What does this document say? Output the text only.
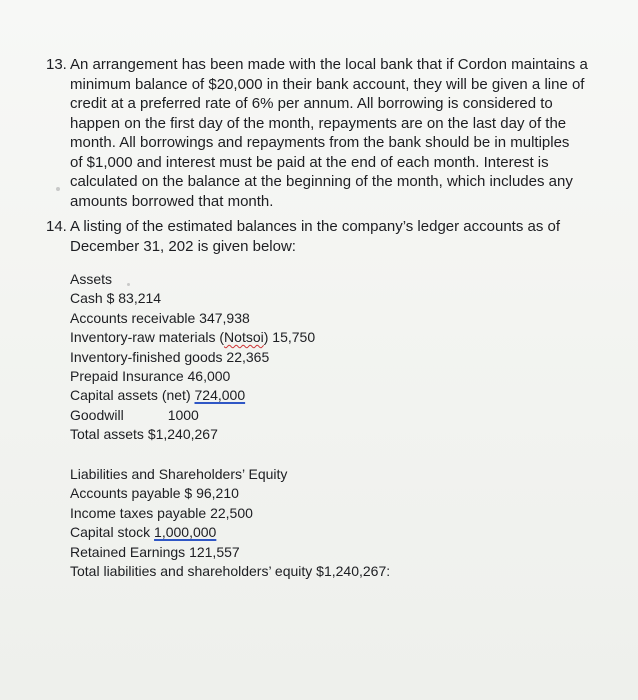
13. An arrangement has been made with the local bank that if Cordon maintains a
minimum balance of $20,000 in their bank account, they will be given a line of
credit at a preferred rate of 6% per annum. All borrowing is considered to
happen on the first day of the month, repayments are on the last day of the
month. All borrowings and repayments from the bank should be in multiples
of $1,000 and interest must be paid at the end of each month. Interest is
calculated on the balance at the beginning of the month, which includes any
amounts borrowed that month.
14. A listing of the estimated balances in the company’s ledger accounts as of
December 31, 202 is given below:
Assets
Cash $ 83,214
Accounts receivable 347,938
Inventory-raw materials (Notsoi) 15,750
Inventory-finished goods 22,365
Prepaid Insurance 46,000
Capital assets (net) 724,000
Goodwill	1000
Total assets $1,240,267
Liabilities and Shareholders’ Equity
Accounts payable $ 96,210
Income taxes payable 22,500
Capital stock 1,000,000
Retained Earnings 121,557
Total liabilities and shareholders’ equity $1,240,267:
